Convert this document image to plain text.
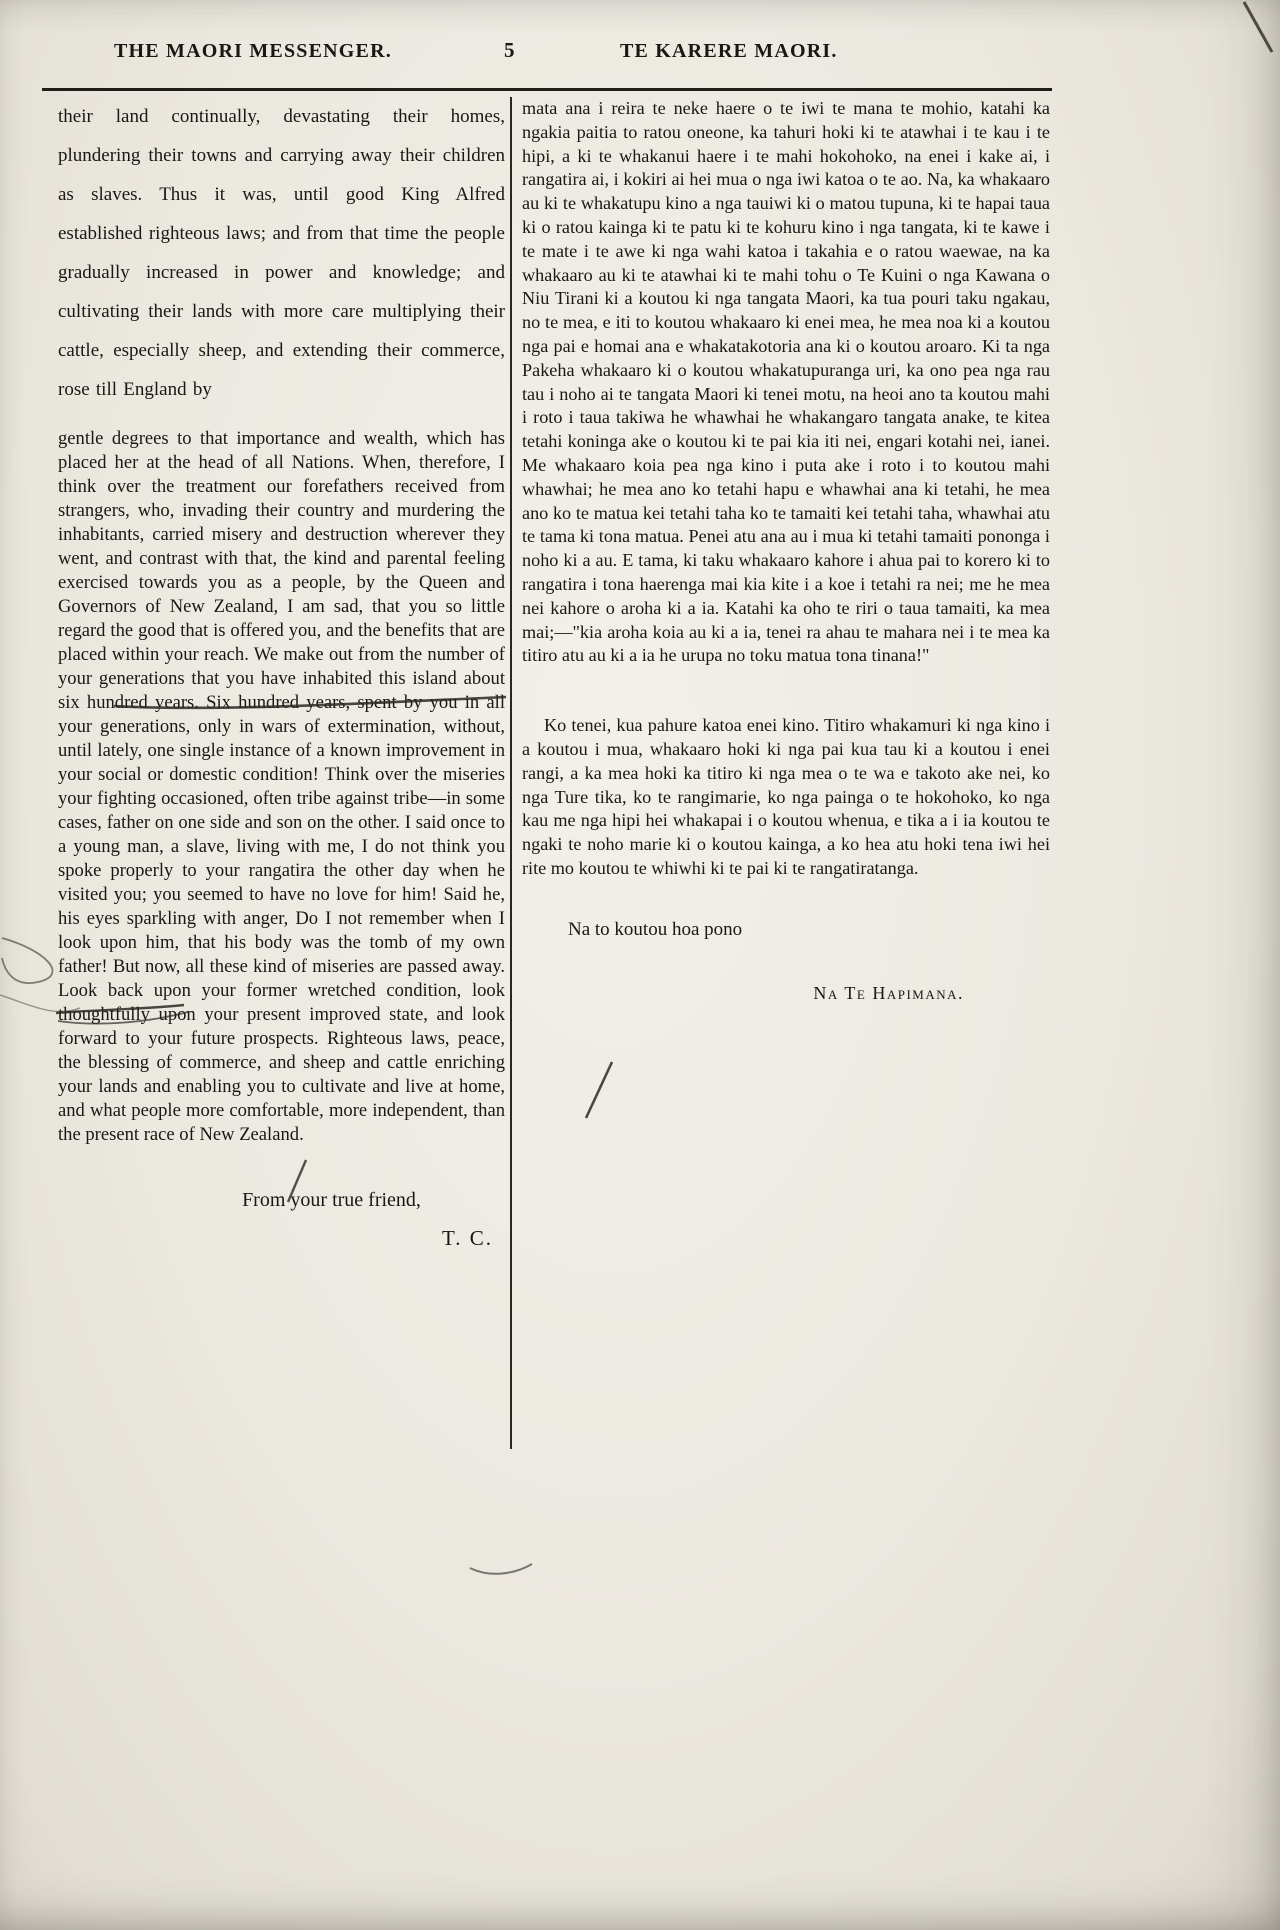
THE MAORI MESSENGER.	5	TE KARERE MAORI.

their land continually, devastating their homes, plundering their towns and carrying away their children as slaves. Thus it was, until good King Alfred established righteous laws; and from that time the people gradually increased in power and knowledge; and cultivating their lands with more care multiplying their cattle, especially sheep, and extending their commerce, rose till England by

gentle degrees to that importance and wealth, which has placed her at the head of all Nations. When, therefore, I think over the treatment our forefathers received from strangers, who, invading their country and murdering the inhabitants, carried misery and destruction wherever they went, and contrast with that, the kind and parental feeling exercised towards you as a people, by the Queen and Governors of New Zealand, I am sad, that you so little regard the good that is offered you, and the benefits that are placed within your reach. We make out from the number of your generations that you have inhabited this island about six hundred years. Six hundred years, spent by you in all your generations, only in wars of extermination, without, until lately, one single instance of a known improvement in your social or domestic condition! Think over the miseries your fighting occasioned, often tribe against tribe—in some cases, father on one side and son on the other. I said once to a young man, a slave, living with me, I do not think you spoke properly to your rangatira the other day when he visited you; you seemed to have no love for him! Said he, his eyes sparkling with anger, Do I not remember when I look upon him, that his body was the tomb of my own father! But now, all these kind of miseries are passed away. Look back upon your former wretched condition, look thoughtfully upon your present improved state, and look forward to your future prospects. Righteous laws, peace, the blessing of commerce, and sheep and cattle enriching your lands and enabling you to cultivate and live at home, and what people more comfortable, more independent, than the present race of New Zealand.

From your true friend,

T. C.

mata ana i reira te neke haere o te iwi te mana te mohio, katahi ka ngakia paitia to ratou oneone, ka tahuri hoki ki te atawhai i te kau i te hipi, a ki te whakanui haere i te mahi hokohoko, na enei i kake ai, i rangatira ai, i kokiri ai hei mua o nga iwi katoa o te ao. Na, ka whakaaro au ki te whakatupu kino a nga tauiwi ki o matou tupuna, ki te hapai taua ki o ratou kainga ki te patu ki te kohuru kino i nga tangata, ki te kawe i te mate i te awe ki nga wahi katoa i takahia e o ratou waewae, na ka whakaaro au ki te atawhai ki te mahi tohu o Te Kuini o nga Kawana o Niu Tirani ki a koutou ki nga tangata Maori, ka tua pouri taku ngakau, no te mea, e iti to koutou whakaaro ki enei mea, he mea noa ki a koutou nga pai e homai ana e whakatakotoria ana ki o koutou aroaro. Ki ta nga Pakeha whakaaro ki o koutou whakatupuranga uri, ka ono pea nga rau tau i noho ai te tangata Maori ki tenei motu, na heoi ano ta koutou mahi i roto i taua takiwa he whawhai he whakangaro tangata anake, te kitea tetahi koninga ake o koutou ki te pai kia iti nei, engari kotahi nei, ianei. Me whakaaro koia pea nga kino i puta ake i roto i to koutou mahi whawhai; he mea ano ko tetahi hapu e whawhai ana ki tetahi, he mea ano ko te matua kei tetahi taha ko te tamaiti kei tetahi taha, whawhai atu te tama ki tona matua. Penei atu ana au i mua ki tetahi tamaiti pononga i noho ki a au. E tama, ki taku whakaaro kahore i ahua pai to korero ki to rangatira i tona haerenga mai kia kite i a koe i tetahi ra nei; me he mea nei kahore o aroha ki a ia. Katahi ka oho te riri o taua tamaiti, ka mea mai;—"kia aroha koia au ki a ia, tenei ra ahau te mahara nei i te mea ka titiro atu au ki a ia he urupa no toku matua tona tinana!"

Ko tenei, kua pahure katoa enei kino. Titiro whakamuri ki nga kino i a koutou i mua, whakaaro hoki ki nga pai kua tau ki a koutou i enei rangi, a ka mea hoki ka titiro ki nga mea o te wa e takoto ake nei, ko nga Ture tika, ko te rangimarie, ko nga painga o te hokohoko, ko nga kau me nga hipi hei whakapai i o koutou whenua, e tika a i ia koutou te ngaki te noho marie ki o koutou kainga, a ko hea atu hoki tena iwi hei rite mo koutou te whiwhi ki te pai ki te rangatiratanga.

Na to koutou hoa pono

Na Te Hapimana.
